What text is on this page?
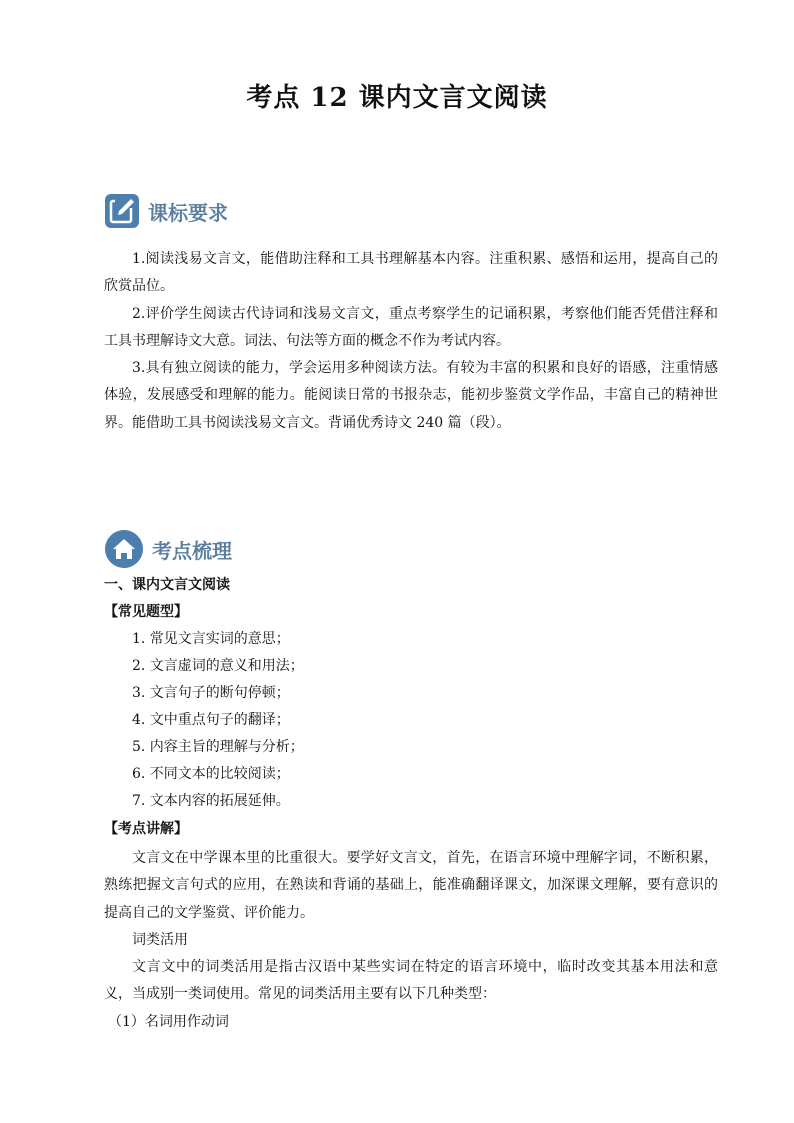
考点 12 课内文言文阅读
课标要求

1.阅读浅易文言文，能借助注释和工具书理解基本内容。注重积累、感悟和运用，提高自己的欣赏品位。

2.评价学生阅读古代诗词和浅易文言文，重点考察学生的记诵积累，考察他们能否凭借注释和工具书理解诗文大意。词法、句法等方面的概念不作为考试内容。

3.具有独立阅读的能力，学会运用多种阅读方法。有较为丰富的积累和良好的语感，注重情感体验，发展感受和理解的能力。能阅读日常的书报杂志，能初步鉴赏文学作品，丰富自己的精神世界。能借助工具书阅读浅易文言文。背诵优秀诗文 240 篇（段）。

考点梳理
一、课内文言文阅读
【常见题型】
1. 常见文言实词的意思；
2. 文言虚词的意义和用法；
3. 文言句子的断句停顿；
4. 文中重点句子的翻译；
5. 内容主旨的理解与分析；
6. 不同文本的比较阅读；
7. 文本内容的拓展延伸。
【考点讲解】

文言文在中学课本里的比重很大。要学好文言文，首先，在语言环境中理解字词，不断积累，熟练把握文言句式的应用，在熟读和背诵的基础上，能准确翻译课文，加深课文理解，要有意识的提高自己的文学鉴赏、评价能力。

词类活用

文言文中的词类活用是指古汉语中某些实词在特定的语言环境中，临时改变其基本用法和意义，当成别一类词使用。常见的词类活用主要有以下几种类型：

（1）名词用作动词
